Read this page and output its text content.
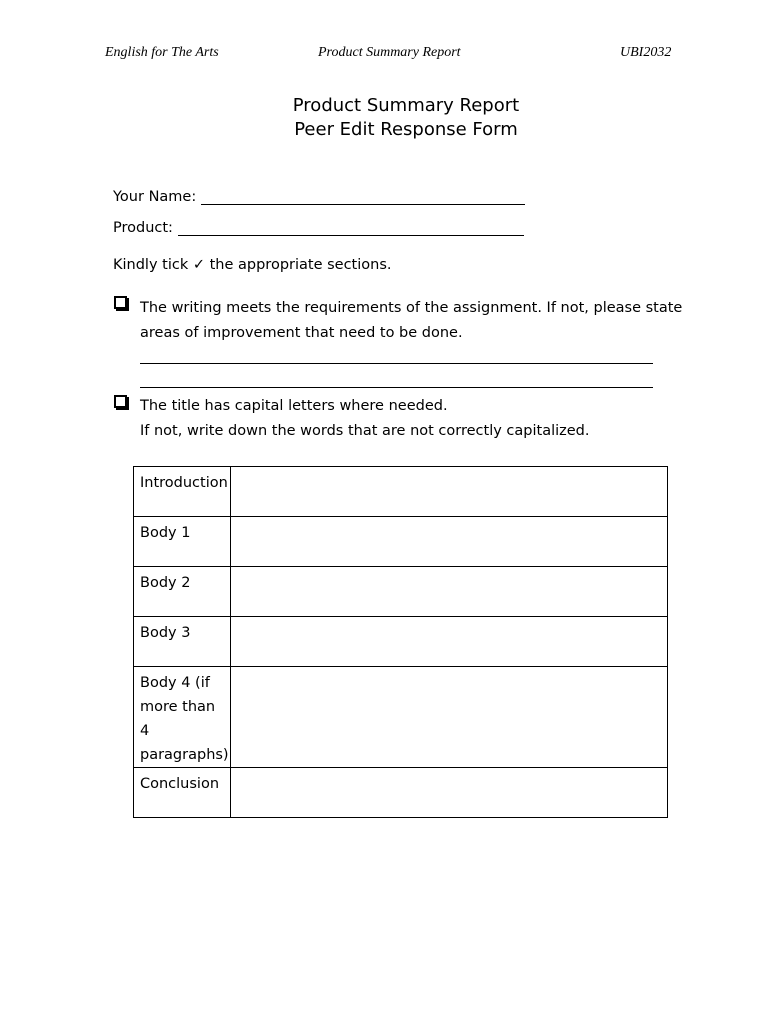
English for The Arts	Product Summary Report	UBI2032
Product Summary Report
Peer Edit Response Form
Your Name:
Product:
Kindly tick ✓ the appropriate sections.
The writing meets the requirements of the assignment. If not, please state
areas of improvement that need to be done.
The title has capital letters where needed.
If not, write down the words that are not correctly capitalized.
Introduction	
Body 1	
Body 2	
Body 3	
Body 4 (if more than 4 paragraphs)	
Conclusion	
